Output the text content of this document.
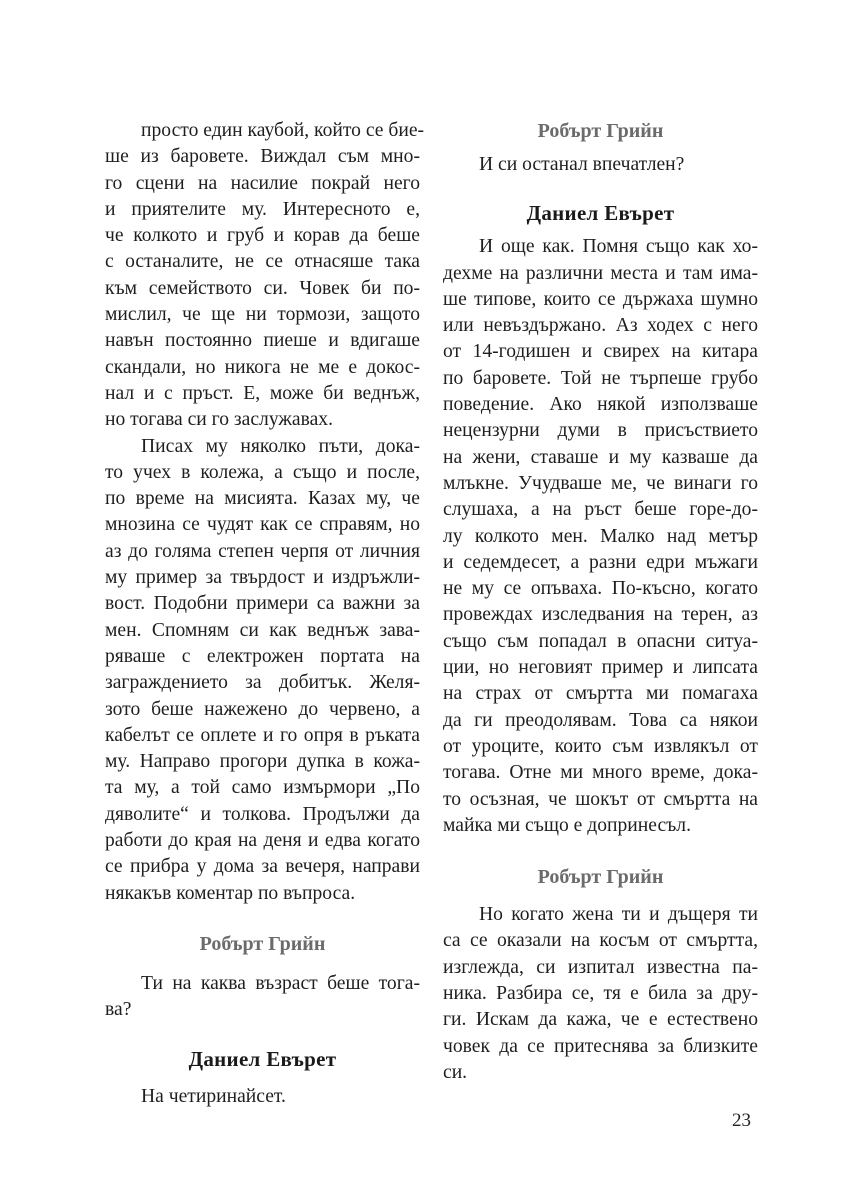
просто един каубой, който се бие-
ше из баровете. Виждал съм мно-
го сцени на насилие покрай него
и приятелите му. Интересното е,
че колкото и груб и корав да беше
с останалите, не се отнасяше така
към семейството си. Човек би по-
мислил, че ще ни тормози, защото
навън постоянно пиеше и вдигаше
скандали, но никога не ме е докос-
нал и с пръст. Е, може би веднъж,
но тогава си го заслужавах.
Писах му няколко пъти, дока-
то учех в колежа, а също и после,
по време на мисията. Казах му, че
мнозина се чудят как се справям, но
аз до голяма степен черпя от личния
му пример за твърдост и издръжли-
вост. Подобни примери са важни за
мен. Спомням си как веднъж зава-
ряваше с електрожен портата на
заграждението за добитък. Желя-
зото беше нажежено до червено, а
кабелът се оплете и го опря в ръката
му. Направо прогори дупка в кожа-
та му, а той само измърмори „По
дяволите“ и толкова. Продължи да
работи до края на деня и едва когато
се прибра у дома за вечеря, направи
някакъв коментар по въпроса.
Робърт Грийн
Ти на каква възраст беше тога-
ва?
Даниел Евърет
На четиринайсет.
Робърт Грийн
И си останал впечатлен?
Даниел Евърет
И още как. Помня също как хо-
дехме на различни места и там има-
ше типове, които се държаха шумно
или невъздържано. Аз ходех с него
от 14-годишен и свирех на китара
по баровете. Той не търпеше грубо
поведение. Ако някой използваше
нецензурни думи в присъствието
на жени, ставаше и му казваше да
млъкне. Учудваше ме, че винаги го
слушаха, а на ръст беше горе-до-
лу колкото мен. Малко над метър
и седемдесет, а разни едри мъжаги
не му се опъваха. По-късно, когато
провеждах изследвания на терен, аз
също съм попадал в опасни ситуа-
ции, но неговият пример и липсата
на страх от смъртта ми помагаха
да ги преодолявам. Това са някои
от уроците, които съм извлякъл от
тогава. Отне ми много време, дока-
то осъзная, че шокът от смъртта на
майка ми също е допринесъл.
Робърт Грийн
Но когато жена ти и дъщеря ти
са се оказали на косъм от смъртта,
изглежда, си изпитал известна па-
ника. Разбира се, тя е била за дру-
ги. Искам да кажа, че е естествено
човек да се притеснява за близките
си.
23
